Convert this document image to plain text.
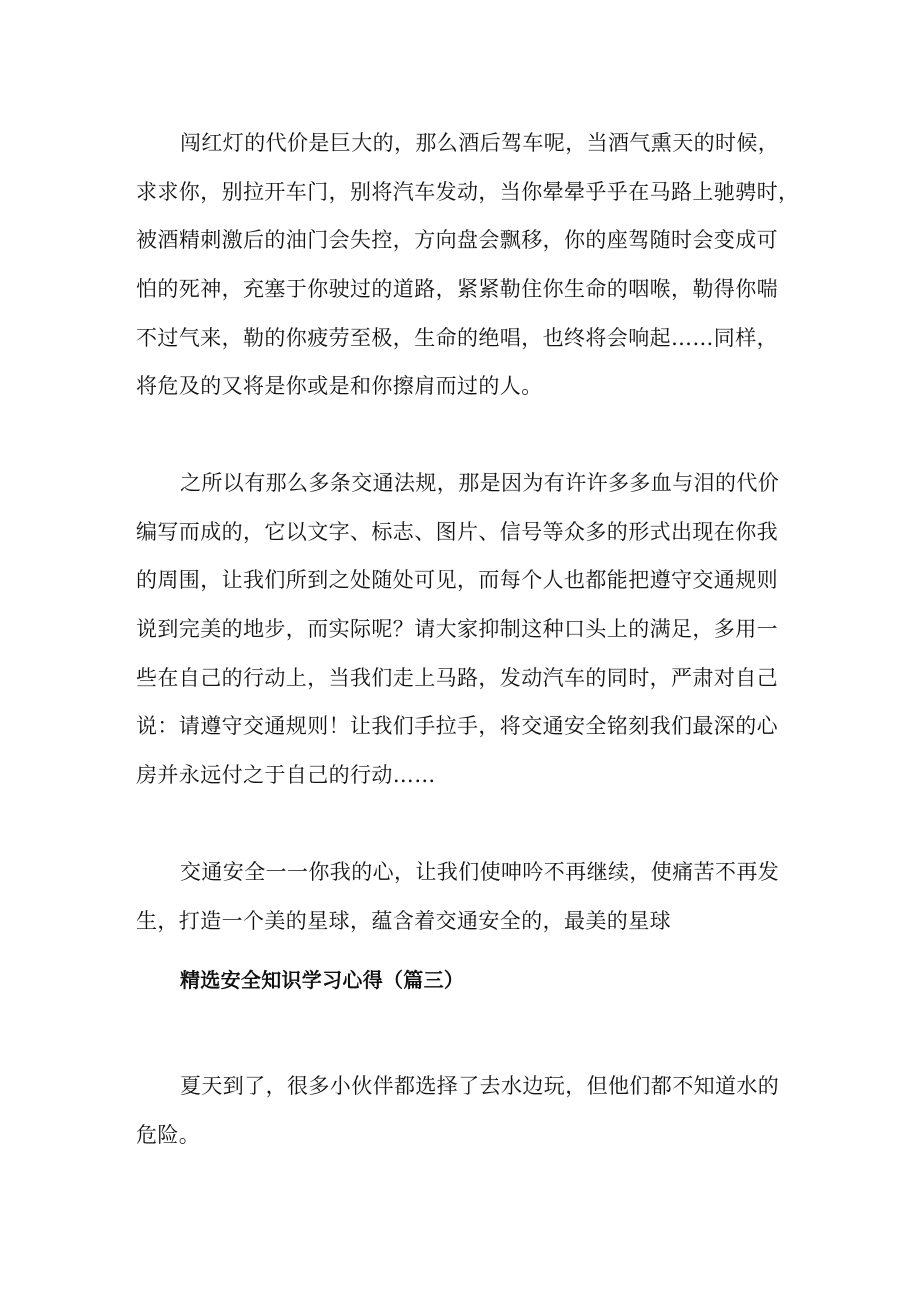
闯红灯的代价是巨大的，那么酒后驾车呢，当酒气熏天的时候，
求求你，别拉开车门，别将汽车发动，当你晕晕乎乎在马路上驰骋时，
被酒精刺激后的油门会失控，方向盘会飘移，你的座驾随时会变成可
怕的死神，充塞于你驶过的道路，紧紧勒住你生命的咽喉，勒得你喘
不过气来，勒的你疲劳至极，生命的绝唱，也终将会响起……同样，
将危及的又将是你或是和你擦肩而过的人。
之所以有那么多条交通法规，那是因为有许许多多血与泪的代价
编写而成的，它以文字、标志、图片、信号等众多的形式出现在你我
的周围，让我们所到之处随处可见，而每个人也都能把遵守交通规则
说到完美的地步，而实际呢？请大家抑制这种口头上的满足，多用一
些在自己的行动上，当我们走上马路，发动汽车的同时，严肃对自己
说：请遵守交通规则！让我们手拉手，将交通安全铭刻我们最深的心
房并永远付之于自己的行动……
交通安全一一你我的心，让我们使呻吟不再继续，使痛苦不再发
生，打造一个美的星球，蕴含着交通安全的，最美的星球
精选安全知识学习心得（篇三）
夏天到了，很多小伙伴都选择了去水边玩，但他们都不知道水的
危险。
